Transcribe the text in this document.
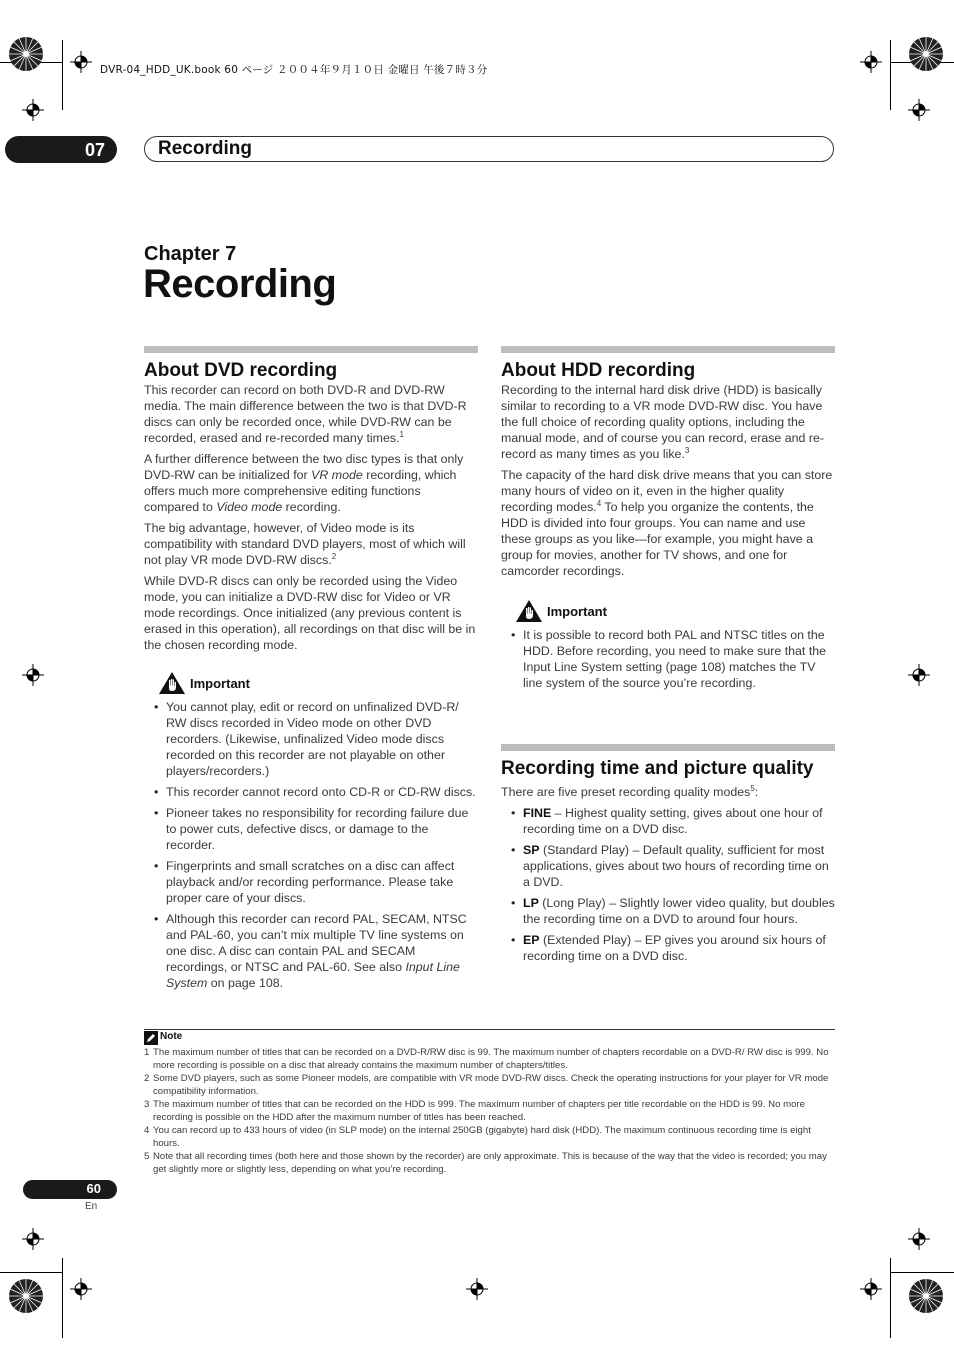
DVR-04_HDD_UK.book 60 ページ ２００４年９月１０日 金曜日 午後７時３分
07	Recording
Chapter 7
Recording
About DVD recording

This recorder can record on both DVD-R and DVD-RW media. The main difference between the two is that DVD-R discs can only be recorded once, while DVD-RW can be recorded, erased and re-recorded many times.$^1$

A further difference between the two disc types is that only DVD-RW can be initialized for VR mode recording, which offers much more comprehensive editing functions compared to Video mode recording.

The big advantage, however, of Video mode is its compatibility with standard DVD players, most of which will not play VR mode DVD-RW discs.$^2$

While DVD-R discs can only be recorded using the Video mode, you can initialize a DVD-RW disc for Video or VR mode recordings. Once initialized (any previous content is erased in this operation), all recordings on that disc will be in the chosen recording mode.

Important
• You cannot play, edit or record on unfinalized DVD-R/ RW discs recorded in Video mode on other DVD recorders. (Likewise, unfinalized Video mode discs recorded on this recorder are not playable on other players/recorders.)
• This recorder cannot record onto CD-R or CD-RW discs.
• Pioneer takes no responsibility for recording failure due to power cuts, defective discs, or damage to the recorder.
• Fingerprints and small scratches on a disc can affect playback and/or recording performance. Please take proper care of your discs.
• Although this recorder can record PAL, SECAM, NTSC and PAL-60, you can’t mix multiple TV line systems on one disc. A disc can contain PAL and SECAM recordings, or NTSC and PAL-60. See also Input Line System on page 108.
About HDD recording

Recording to the internal hard disk drive (HDD) is basically similar to recording to a VR mode DVD-RW disc. You have the full choice of recording quality options, including the manual mode, and of course you can record, erase and re-record as many times as you like.$^3$

The capacity of the hard disk drive means that you can store many hours of video on it, even in the higher quality recording modes.$^4$ To help you organize the contents, the HDD is divided into four groups. You can name and use these groups as you like—for example, you might have a group for movies, another for TV shows, and one for camcorder recordings.

Important
• It is possible to record both PAL and NTSC titles on the HDD. Before recording, you need to make sure that the Input Line System setting (page 108) matches the TV line system of the source you’re recording.
Recording time and picture quality

There are five preset recording quality modes$^5$:

• FINE – Highest quality setting, gives about one hour of recording time on a DVD disc.
• SP (Standard Play) – Default quality, sufficient for most applications, gives about two hours of recording time on a DVD.
• LP (Long Play) – Slightly lower video quality, but doubles the recording time on a DVD to around four hours.
• EP (Extended Play) – EP gives you around six hours of recording time on a DVD disc.
Note
1 The maximum number of titles that can be recorded on a DVD-R/RW disc is 99. The maximum number of chapters recordable on a DVD-R/ RW disc is 999. No more recording is possible on a disc that already contains the maximum number of chapters/titles.
2 Some DVD players, such as some Pioneer models, are compatible with VR mode DVD-RW discs. Check the operating instructions for your player for VR mode compatibility information.
3 The maximum number of titles that can be recorded on the HDD is 999. The maximum number of chapters per title recordable on the HDD is 99. No more recording is possible on the HDD after the maximum number of titles has been reached.
4 You can record up to 433 hours of video (in SLP mode) on the internal 250GB (gigabyte) hard disk (HDD). The maximum continuous recording time is eight hours.
5 Note that all recording times (both here and those shown by the recorder) are only approximate. This is because of the way that the video is recorded; you may get slightly more or slightly less, depending on what you’re recording.
60
En
